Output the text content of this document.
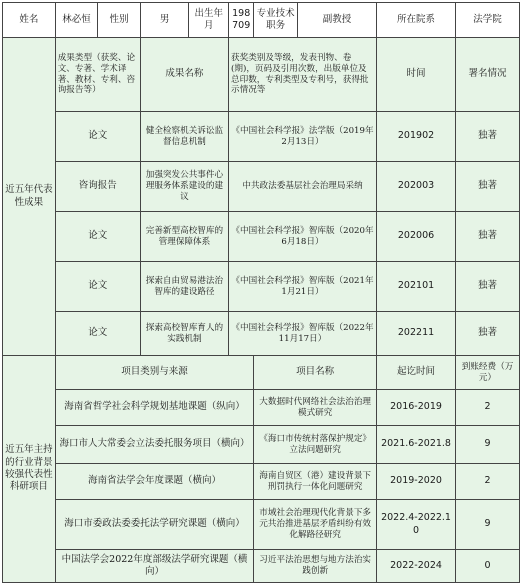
姓名	林必恒	性别	男	出生年月	198709	专业技术职务	副教授	所在院系	法学院
近五年代表性成果	成果类型（获奖、论文、专著、学术译著、教材、专利、咨询报告等）		成果名称		获奖类别及等级，发表刊物、卷(期)，页码及引用次数，出版单位及总印数，专利类型及专利号，获得批示情况等			时间	署名情况
	论文		健全检察机关诉讼监督信息机制		《中国社会科学报》法学版（2019年2月13日）			201902	独著
	咨询报告		加强突发公共事件心理服务体系建设的建议		中共政法委基层社会治理局采纳			202003	独著
	论文		完善新型高校智库的管理保障体系		《中国社会科学报》智库版（2020年6月18日）			202006	独著
	论文		探索自由贸易港法治智库的建设路径		《中国社会科学报》智库版（2021年1月21日）			202101	独著
	论文		探索高校智库育人的实践机制		《中国社会科学报》智库版（2022年11月17日）			202211	独著
近五年主持的行业背景较强代表性科研项目	项目类别与来源					项目名称		起讫时间	到账经费（万元）
	海南省哲学社会科学规划基地课题（纵向）					大数据时代网络社会法治治理模式研究		2016-2019	2
	海口市人大常委会立法委托服务项目（横向）					《海口市传统村落保护规定》立法问题研究		2021.6-2021.8	9
	海南省法学会年度课题（横向）					海南自贸区（港）建设背景下刑罚执行一体化问题研究		2019-2020	2
	海口市委政法委委托法学研究课题（横向）					市域社会治理现代化背景下多元共治推进基层矛盾纠纷有效化解路径研究		2022.4-2022.10	9
	中国法学会2022年度部级法学研究课题（横向）					习近平法治思想与地方法治实践创新		2022-2024	0
